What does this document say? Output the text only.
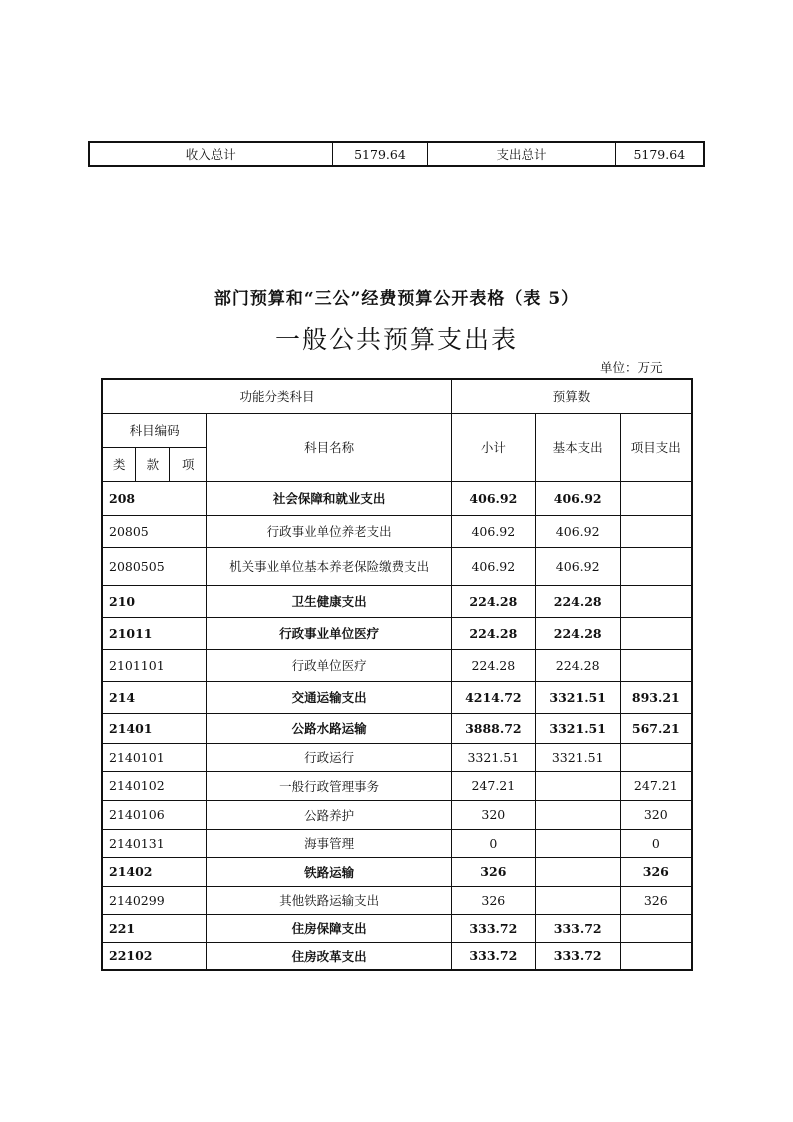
收入总计	5179.64	支出总计	5179.64
部门预算和“三公”经费预算公开表格（表 5）
一般公共预算支出表
单位：万元
功能分类科目				预算数		
科目编码			科目名称	小计	基本支出	项目支出
类	款	项				
208			社会保障和就业支出	406.92	406.92	
20805			行政事业单位养老支出	406.92	406.92	
2080505			机关事业单位基本养老保险缴费支出	406.92	406.92	
210			卫生健康支出	224.28	224.28	
21011			行政事业单位医疗	224.28	224.28	
2101101			行政单位医疗	224.28	224.28	
214			交通运输支出	4214.72	3321.51	893.21
21401			公路水路运输	3888.72	3321.51	567.21
2140101			行政运行	3321.51	3321.51	
2140102			一般行政管理事务	247.21		247.21
2140106			公路养护	320		320
2140131			海事管理	0		0
21402			铁路运输	326		326
2140299			其他铁路运输支出	326		326
221			住房保障支出	333.72	333.72	
22102			住房改革支出	333.72	333.72	
